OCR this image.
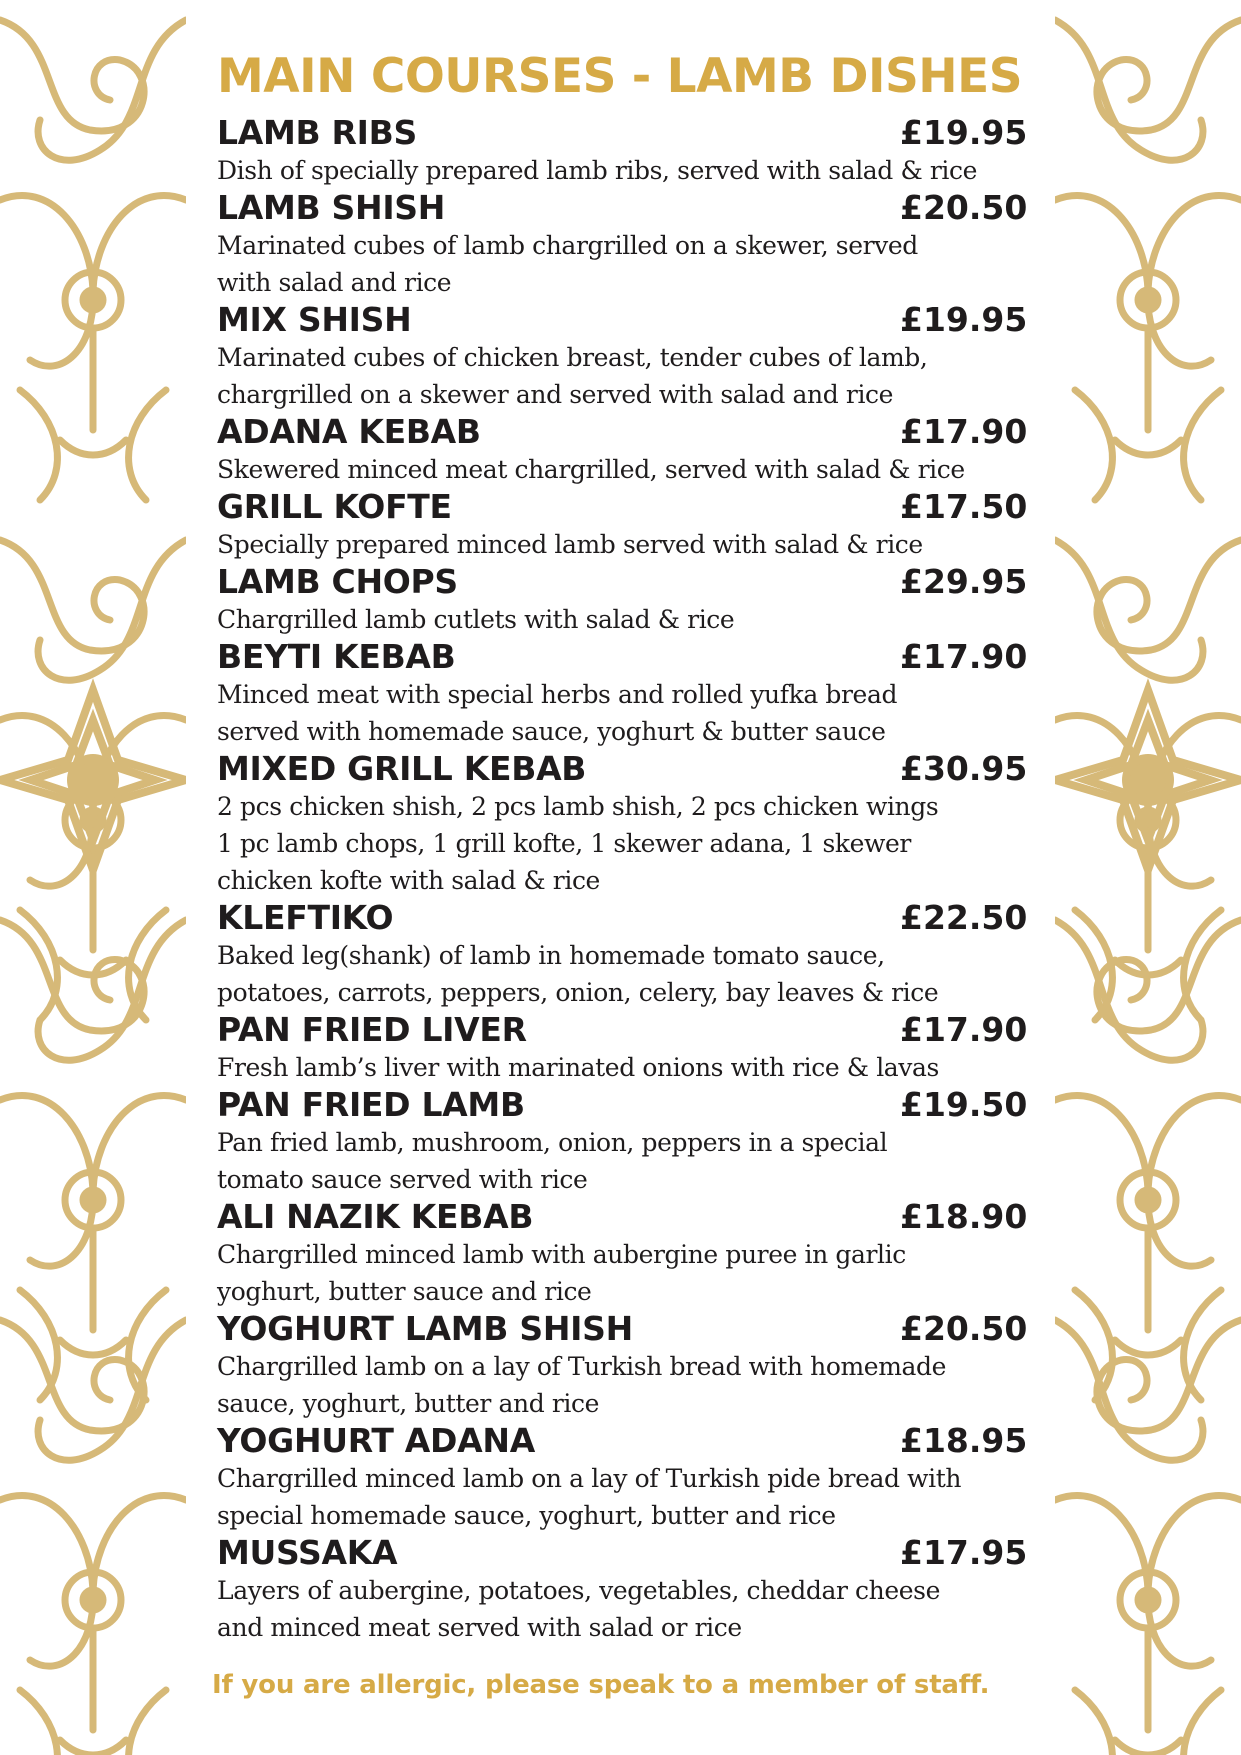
MAIN COURSES - LAMB DISHES
LAMB RIBS	£19.95

Dish of specially prepared lamb ribs, served with salad & rice

LAMB SHISH	£20.50

Marinated cubes of lamb chargrilled on a skewer, served

with salad and rice

MIX SHISH	£19.95

Marinated cubes of chicken breast, tender cubes of lamb,

chargrilled on a skewer and served with salad and rice

ADANA KEBAB	£17.90

Skewered minced meat chargrilled, served with salad & rice

GRILL KOFTE	£17.50

Specially prepared minced lamb served with salad & rice

LAMB CHOPS	£29.95

Chargrilled lamb cutlets with salad & rice

BEYTI KEBAB	£17.90

Minced meat with special herbs and rolled yufka bread

served with homemade sauce, yoghurt & butter sauce

MIXED GRILL KEBAB	£30.95

2 pcs chicken shish, 2 pcs lamb shish, 2 pcs chicken wings

1 pc lamb chops, 1 grill kofte, 1 skewer adana, 1 skewer

chicken kofte with salad & rice

KLEFTIKO	£22.50

Baked leg(shank) of lamb in homemade tomato sauce,

potatoes, carrots, peppers, onion, celery, bay leaves & rice

PAN FRIED LIVER	£17.90

Fresh lamb’s liver with marinated onions with rice & lavas

PAN FRIED LAMB	£19.50

Pan fried lamb, mushroom, onion, peppers in a special

tomato sauce served with rice

ALI NAZIK KEBAB	£18.90

Chargrilled minced lamb with aubergine puree in garlic

yoghurt, butter sauce and rice

YOGHURT LAMB SHISH	£20.50

Chargrilled lamb on a lay of Turkish bread with homemade

sauce, yoghurt, butter and rice

YOGHURT ADANA	£18.95

Chargrilled minced lamb on a lay of Turkish pide bread with

special homemade sauce, yoghurt, butter and rice

MUSSAKA	£17.95

Layers of aubergine, potatoes, vegetables, cheddar cheese

and minced meat served with salad or rice

If you are allergic, please speak to a member of staff.
